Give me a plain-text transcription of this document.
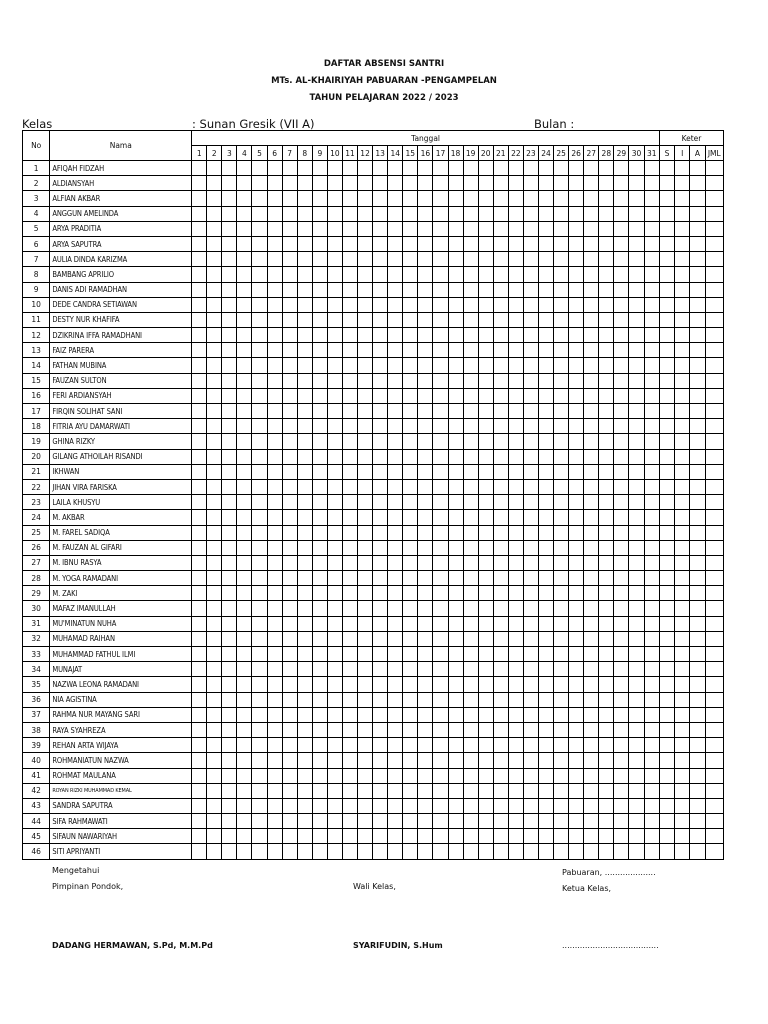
DAFTAR ABSENSI SANTRI
MTs. AL-KHAIRIYAH PABUARAN -PENGAMPELAN
TAHUN PELAJARAN 2022 / 2023
Kelas	: Sunan Gresik (VII A)	Bulan :
No	Nama	Tanggal																															Keter			
		1	2	3	4	5	6	7	8	9	10	11	12	13	14	15	16	17	18	19	20	21	22	23	24	25	26	27	28	29	30	31	S	I	A	JML
1	AFIQAH FIDZAH																																			
2	ALDIANSYAH																																			
3	ALFIAN AKBAR																																			
4	ANGGUN AMELINDA																																			
5	ARYA PRADITIA																																			
6	ARYA SAPUTRA																																			
7	AULIA DINDA KARIZMA																																			
8	BAMBANG APRILIO																																			
9	DANIS ADI RAMADHAN																																			
10	DEDE CANDRA SETIAWAN																																			
11	DESTY NUR KHAFIFA																																			
12	DZIKRINA IFFA RAMADHANI																																			
13	FAIZ PARERA																																			
14	FATHAN MUBINA																																			
15	FAUZAN SULTON																																			
16	FERI ARDIANSYAH																																			
17	FIRQIN SOLIHAT SANI																																			
18	FITRIA AYU DAMARWATI																																			
19	GHINA RIZKY																																			
20	GILANG ATHOILAH RISANDI																																			
21	IKHWAN																																			
22	JIHAN VIRA FARISKA																																			
23	LAILA KHUSYU																																			
24	M. AKBAR																																			
25	M. FAREL SADIQA																																			
26	M. FAUZAN AL GIFARI																																			
27	M. IBNU RASYA																																			
28	M. YOGA RAMADANI																																			
29	M. ZAKI																																			
30	MAFAZ IMANULLAH																																			
31	MU'MINATUN NUHA																																			
32	MUHAMAD RAIHAN																																			
33	MUHAMMAD FATHUL ILMI																																			
34	MUNAJAT																																			
35	NAZWA LEONA RAMADANI																																			
36	NIA AGISTINA																																			
37	RAHMA NUR MAYANG SARI																																			
38	RAYA SYAHREZA																																			
39	REHAN ARTA WIJAYA																																			
40	ROHMANIATUN NAZWA																																			
41	ROHMAT MAULANA																																			
42	ROYAN RIZKI MUHAMMAD KEMAL																																			
43	SANDRA SAPUTRA																																			
44	SIFA RAHMAWATI																																			
45	SIFAUN NAWARIYAH																																			
46	SITI APRIYANTI																																			
Mengetahui
Pimpinan Pondok,	Wali Kelas,
Pabuaran, ....................
Ketua Kelas,
DADANG HERMAWAN, S.Pd, M.M.Pd	SYARIFUDIN, S.Hum	......................................
